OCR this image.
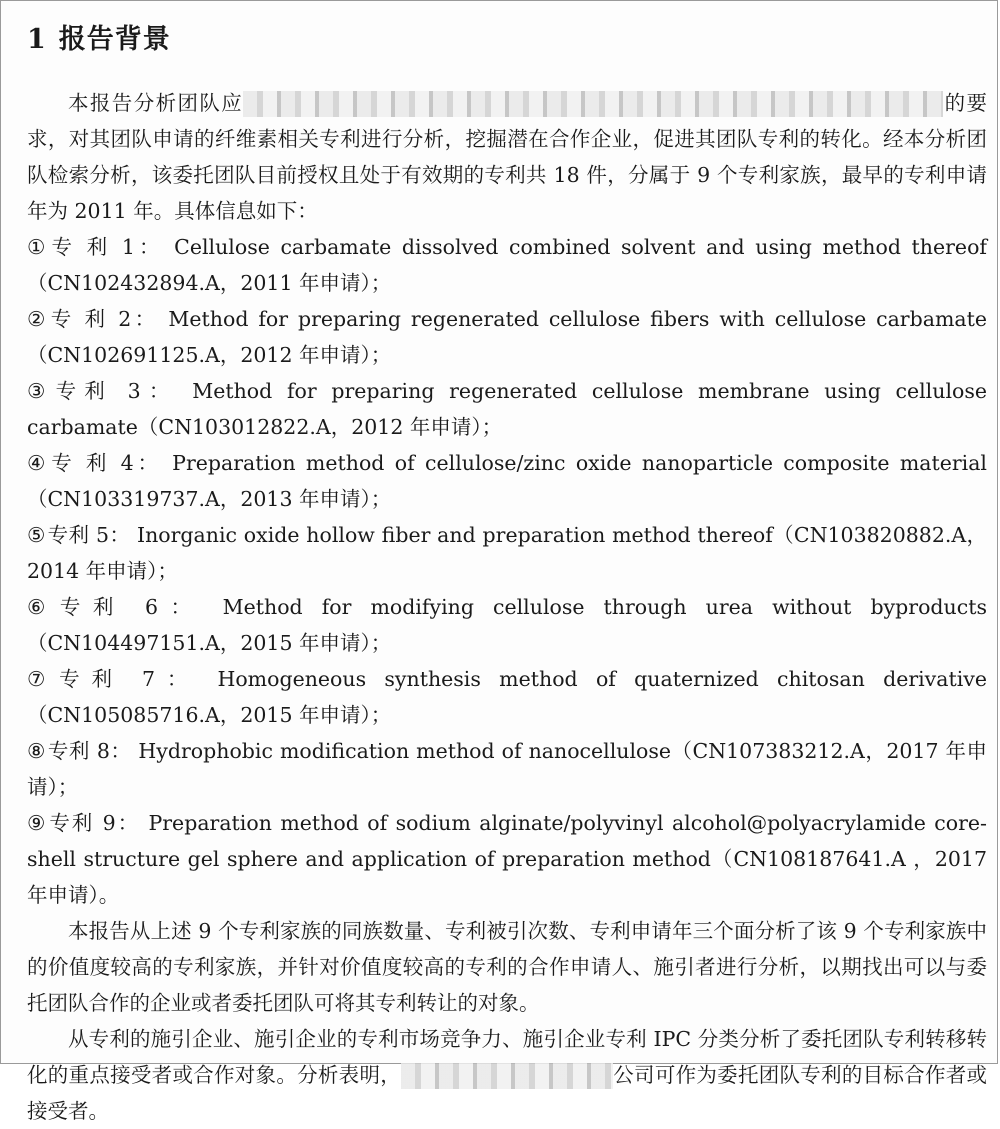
1 报告背景

本报告分析团队应	的要求，对其团队申请的纤维素相关专利进行分析，挖掘潜在合作企业，促进其团队专利的转化。经本分析团队检索分析，该委托团队目前授权且处于有效期的专利共 18 件，分属于 9 个专利家族，最早的专利申请年为 2011 年。具体信息如下：

①专 利 1： Cellulose carbamate dissolved combined solvent and using method thereof（CN102432894.A，2011 年申请）；

②专 利 2： Method for preparing regenerated cellulose fibers with cellulose carbamate（CN102691125.A，2012 年申请）；

③专利 3： Method for preparing regenerated cellulose membrane using cellulose carbamate（CN103012822.A，2012 年申请）；

④专 利 4： Preparation method of cellulose/zinc oxide nanoparticle composite material（CN103319737.A，2013 年申请）；

⑤专利 5： Inorganic oxide hollow fiber and preparation method thereof（CN103820882.A，2014 年申请）；

⑥专利 6： Method for modifying cellulose through urea without byproducts（CN104497151.A，2015 年申请）；

⑦专利 7： Homogeneous synthesis method of quaternized chitosan derivative（CN105085716.A，2015 年申请）；

⑧专利 8： Hydrophobic modification method of nanocellulose（CN107383212.A，2017 年申请）；

⑨专利 9： Preparation method of sodium alginate/polyvinyl alcohol@polyacrylamide core-shell structure gel sphere and application of preparation method（CN108187641.A ，2017 年申请）。

本报告从上述 9 个专利家族的同族数量、专利被引次数、专利申请年三个面分析了该 9 个专利家族中的价值度较高的专利家族，并针对价值度较高的专利的合作申请人、施引者进行分析，以期找出可以与委托团队合作的企业或者委托团队可将其专利转让的对象。

从专利的施引企业、施引企业的专利市场竞争力、施引企业专利 IPC 分类分析了委托团队专利转移转化的重点接受者或合作对象。分析表明，	公司可作为委托团队专利的目标合作者或接受者。
